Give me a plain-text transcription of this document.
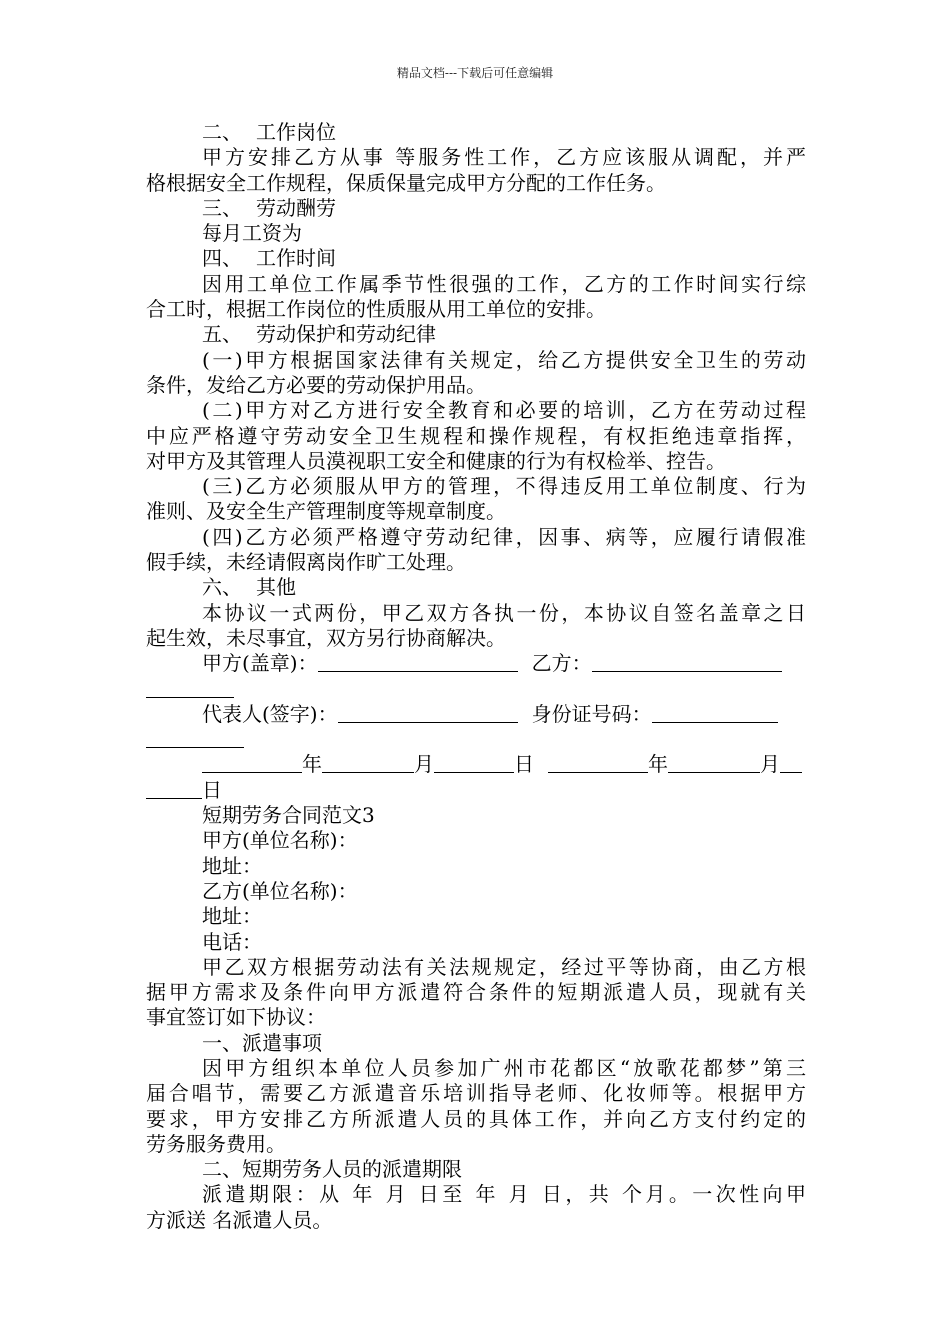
精品文档---下载后可任意编辑
二、 工作岗位
甲方安排乙方从事 等服务性工作，乙方应该服从调配，并严
格根据安全工作规程，保质保量完成甲方分配的工作任务。
三、 劳动酬劳
每月工资为
四、 工作时间
因用工单位工作属季节性很强的工作，乙方的工作时间实行综
合工时，根据工作岗位的性质服从用工单位的安排。
五、 劳动保护和劳动纪律
(一)甲方根据国家法律有关规定，给乙方提供安全卫生的劳动
条件，发给乙方必要的劳动保护用品。
(二)甲方对乙方进行安全教育和必要的培训，乙方在劳动过程
中应严格遵守劳动安全卫生规程和操作规程，有权拒绝违章指挥，
对甲方及其管理人员漠视职工安全和健康的行为有权检举、控告。
(三)乙方必须服从甲方的管理，不得违反用工单位制度、行为
准则、及安全生产管理制度等规章制度。
(四)乙方必须严格遵守劳动纪律，因事、病等，应履行请假准
假手续，未经请假离岗作旷工处理。
六、 其他
本协议一式两份，甲乙双方各执一份，本协议自签名盖章之日
起生效，未尽事宜，双方另行协商解决。
甲方(盖章)：	乙方：
代表人(签字)：	身份证号码：
年	月	日	年	月
日
短期劳务合同范文3
甲方(单位名称)：
地址：
乙方(单位名称)：
地址：
电话：
甲乙双方根据劳动法有关法规规定，经过平等协商，由乙方根
据甲方需求及条件向甲方派遣符合条件的短期派遣人员，现就有关
事宜签订如下协议：
一、派遣事项
因甲方组织本单位人员参加广州市花都区“放歌花都梦”第三
届合唱节，需要乙方派遣音乐培训指导老师、化妆师等。根据甲方
要求，甲方安排乙方所派遣人员的具体工作，并向乙方支付约定的
劳务服务费用。
二、短期劳务人员的派遣期限
派遣期限：从 年 月 日至 年 月 日，共 个月。一次性向甲
方派送 名派遣人员。
